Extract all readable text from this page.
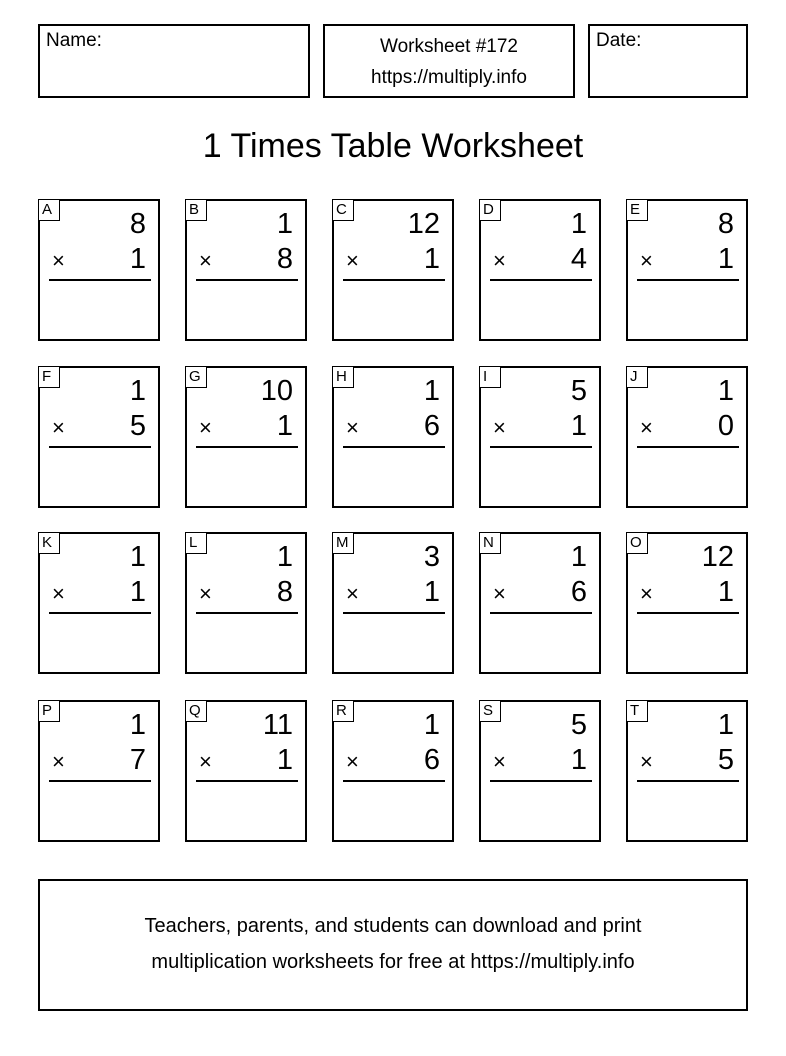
Name:	Worksheet #172
https://multiply.info
Date:
1 Times Table Worksheet
A	8
× 1
B	1
× 8
C 12
× 1
D	1
× 4
E	8
× 1
F	1
× 5
G 10
× 1
H	1
× 6
I	5
× 1
J	1
× 0
K	1
× 1
L	1
× 8
M	3
× 1
N	1
× 6
O 12
× 1
P	1
× 7
Q 11
× 1
R	1
× 6
S	5
× 1
T	1
× 5
Teachers, parents, and students can download and print
multiplication worksheets for free at https://multiply.info
